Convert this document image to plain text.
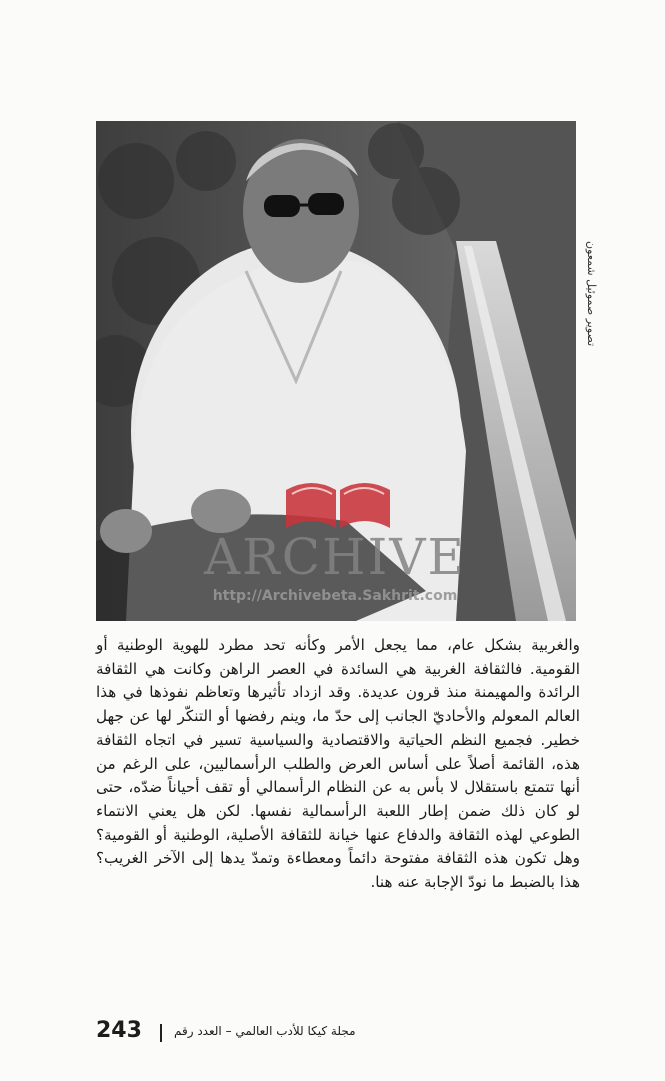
تصوير صموئيل شمعون
ARCHIVE
http://Archivebeta.Sakhrit.com

والغربية بشكل عام، مما يجعل الأمر وكأنه تحد مطرد للهوية الوطنية أو القومية. فالثقافة الغربية هي السائدة في العصر الراهن وكانت هي الثقافة الرائدة والمهيمنة منذ قرون عديدة. وقد ازداد تأثيرها وتعاظم نفوذها في هذا العالم المعولم والأحاديّ الجانب إلى حدّ ما، وينم رفضها أو التنكّر لها عن جهل خطير. فجميع النظم الحياتية والاقتصادية والسياسية تسير في اتجاه الثقافة هذه، القائمة أصلاً على أساس العرض والطلب الرأسماليين، على الرغم من أنها تتمتع باستقلال لا بأس به عن النظام الرأسمالي أو تقف أحياناً ضدّه، حتى لو كان ذلك ضمن إطار اللعبة الرأسمالية نفسها. لكن هل يعني الانتماء الطوعي لهذه الثقافة والدفاع عنها خيانة للثقافة الأصلية، الوطنية أو القومية؟ وهل تكون هذه الثقافة مفتوحة دائماً ومعطاءة وتمدّ يدها إلى الآخر الغريب؟ هذا بالضبط ما نودّ الإجابة عنه هنا.

243	مجلة كيكا للأدب العالمي – العدد رقم
